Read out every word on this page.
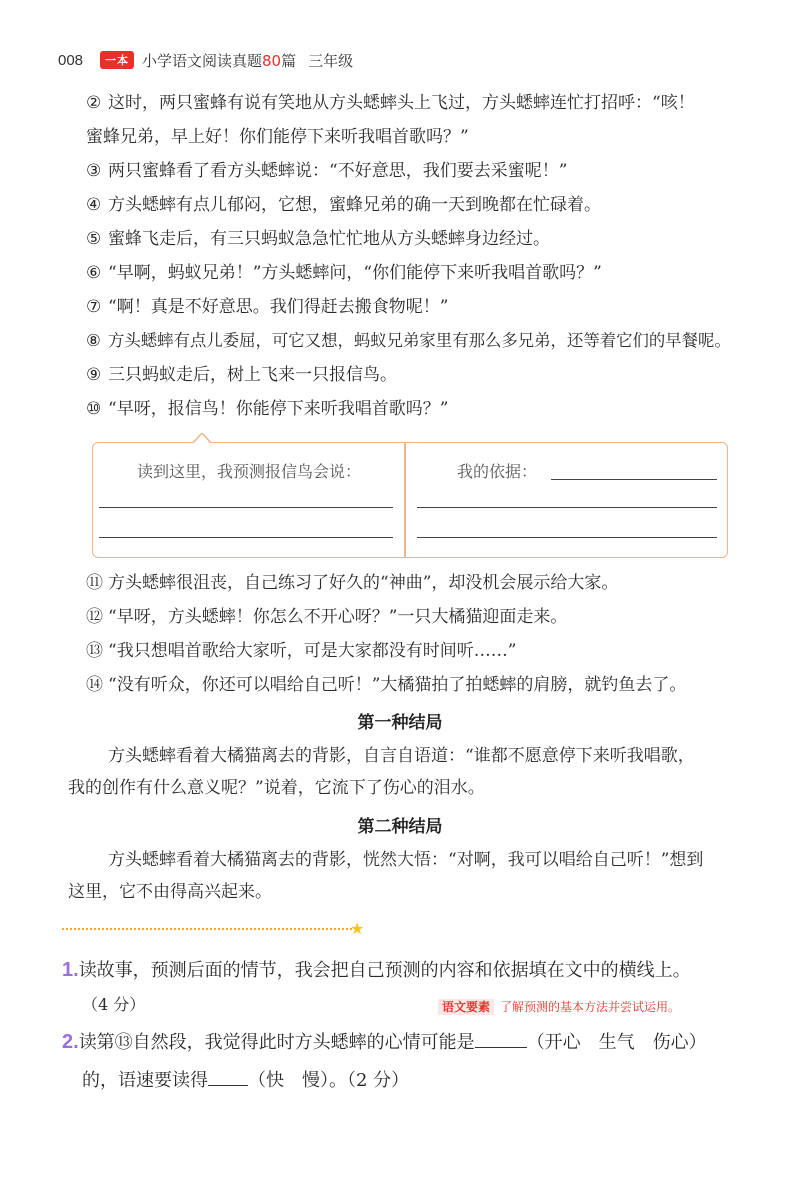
008	一本 小学语文阅读真题80篇 三年级
② 这时，两只蜜蜂有说有笑地从方头蟋蟀头上飞过，方头蟋蟀连忙打招呼：“咳！
蜜蜂兄弟，早上好！你们能停下来听我唱首歌吗？”
③ 两只蜜蜂看了看方头蟋蟀说：“不好意思，我们要去采蜜呢！”
④ 方头蟋蟀有点儿郁闷，它想，蜜蜂兄弟的确一天到晚都在忙碌着。
⑤ 蜜蜂飞走后，有三只蚂蚁急急忙忙地从方头蟋蟀身边经过。
⑥ “早啊，蚂蚁兄弟！”方头蟋蟀问，“你们能停下来听我唱首歌吗？”
⑦ “啊！真是不好意思。我们得赶去搬食物呢！”
⑧ 方头蟋蟀有点儿委屈，可它又想，蚂蚁兄弟家里有那么多兄弟，还等着它们的早餐呢。
⑨ 三只蚂蚁走后，树上飞来一只报信鸟。
⑩ “早呀，报信鸟！你能停下来听我唱首歌吗？”
读到这里，我预测报信鸟会说：	我的依据：
⑪ 方头蟋蟀很沮丧，自己练习了好久的“神曲”，却没机会展示给大家。
⑫ “早呀，方头蟋蟀！你怎么不开心呀？”一只大橘猫迎面走来。
⑬ “我只想唱首歌给大家听，可是大家都没有时间听……”
⑭ “没有听众，你还可以唱给自己听！”大橘猫拍了拍蟋蟀的肩膀，就钓鱼去了。
第一种结局
方头蟋蟀看着大橘猫离去的背影，自言自语道：“谁都不愿意停下来听我唱歌，
我的创作有什么意义呢？”说着，它流下了伤心的泪水。
第二种结局
方头蟋蟀看着大橘猫离去的背影，恍然大悟：“对啊，我可以唱给自己听！”想到
这里，它不由得高兴起来。
★
1.读故事，预测后面的情节，我会把自己预测的内容和依据填在文中的横线上。
（4 分）	语文要素 了解预测的基本方法并尝试运用。
2.读第⑬自然段，我觉得此时方头蟋蟀的心情可能是	（开心　生气　伤心）
的，语速要读得 （快　慢）。（2 分）
